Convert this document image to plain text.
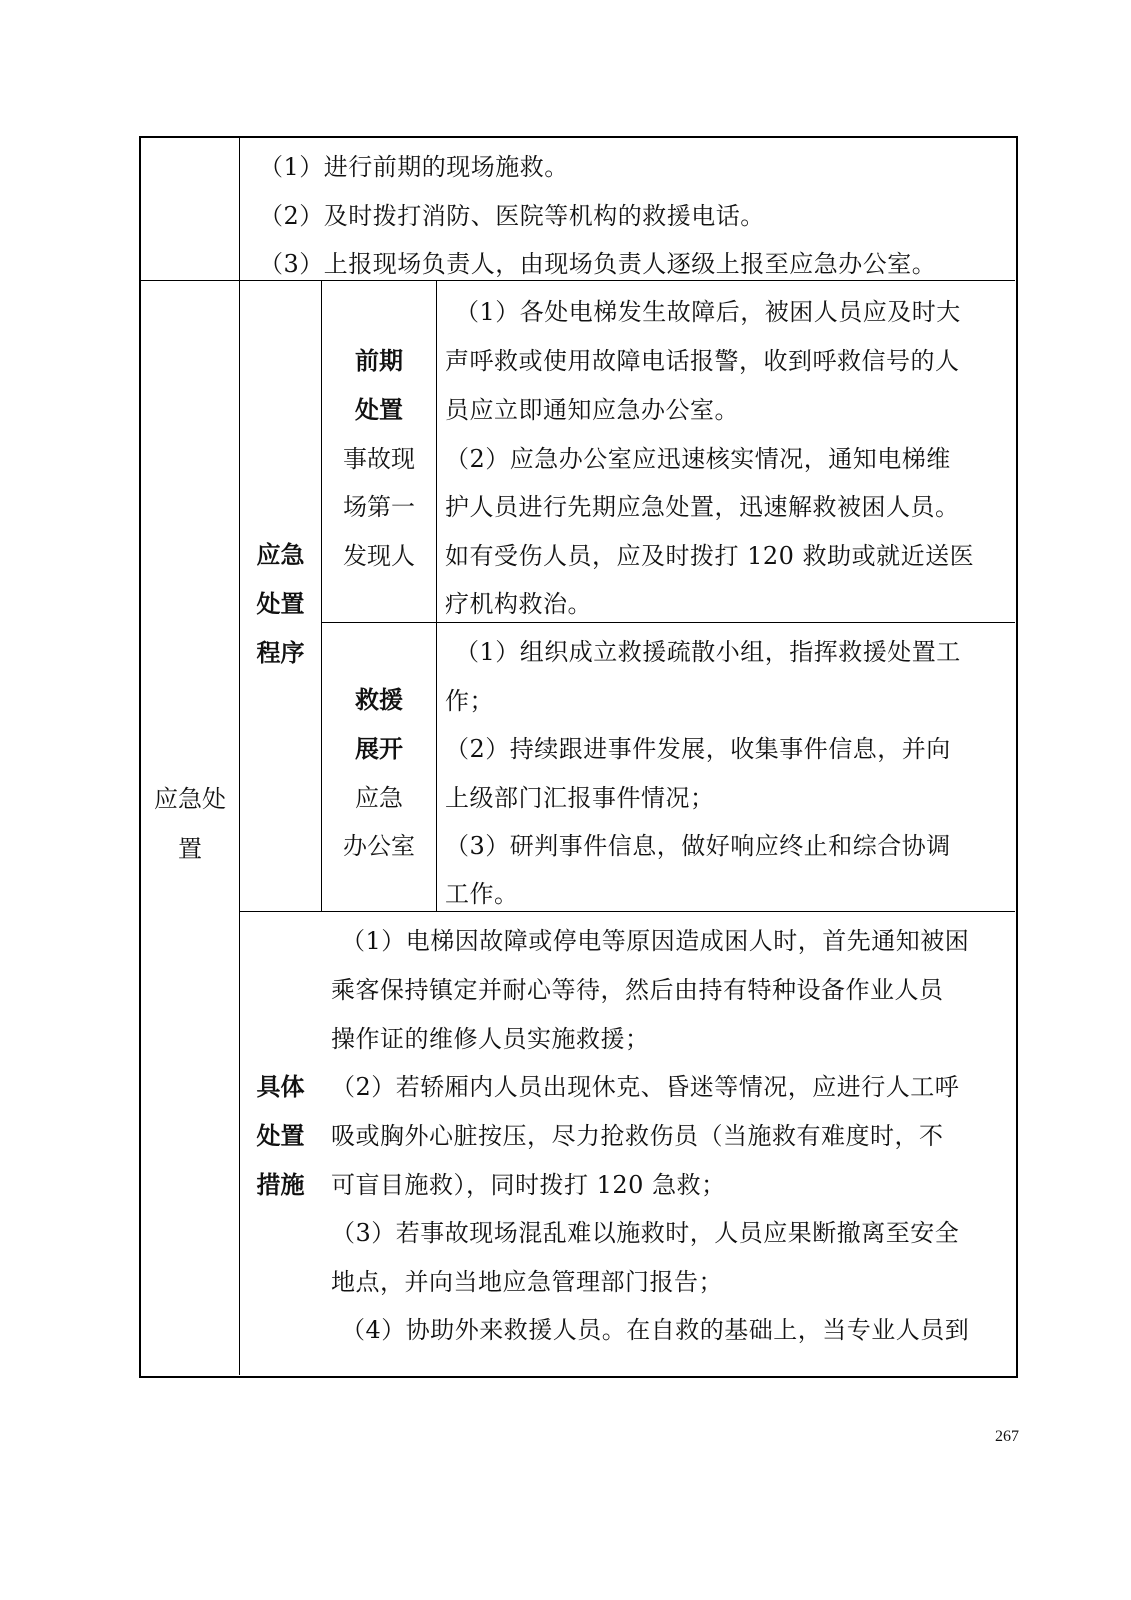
（1）进行前期的现场施救。
（2）及时拨打消防、医院等机构的救援电话。
（3）上报现场负责人，由现场负责人逐级上报至应急办公室。
应急处
置
应急
处置
程序
前期
处置
事故现
场第一
发现人
（1）各处电梯发生故障后，被困人员应及时大
声呼救或使用故障电话报警，收到呼救信号的人
员应立即通知应急办公室。
（2）应急办公室应迅速核实情况，通知电梯维
护人员进行先期应急处置，迅速解救被困人员。
如有受伤人员，应及时拨打 120 救助或就近送医
疗机构救治。
救援
展开
应急
办公室
（1）组织成立救援疏散小组，指挥救援处置工
作；
（2）持续跟进事件发展，收集事件信息，并向
上级部门汇报事件情况；
（3）研判事件信息，做好响应终止和综合协调
工作。
具体
处置
措施
（1）电梯因故障或停电等原因造成困人时，首先通知被困
乘客保持镇定并耐心等待，然后由持有特种设备作业人员
操作证的维修人员实施救援；
（2）若轿厢内人员出现休克、昏迷等情况，应进行人工呼
吸或胸外心脏按压，尽力抢救伤员（当施救有难度时，不
可盲目施救），同时拨打 120 急救；
（3）若事故现场混乱难以施救时，人员应果断撤离至安全
地点，并向当地应急管理部门报告；
（4）协助外来救援人员。在自救的基础上，当专业人员到
267
